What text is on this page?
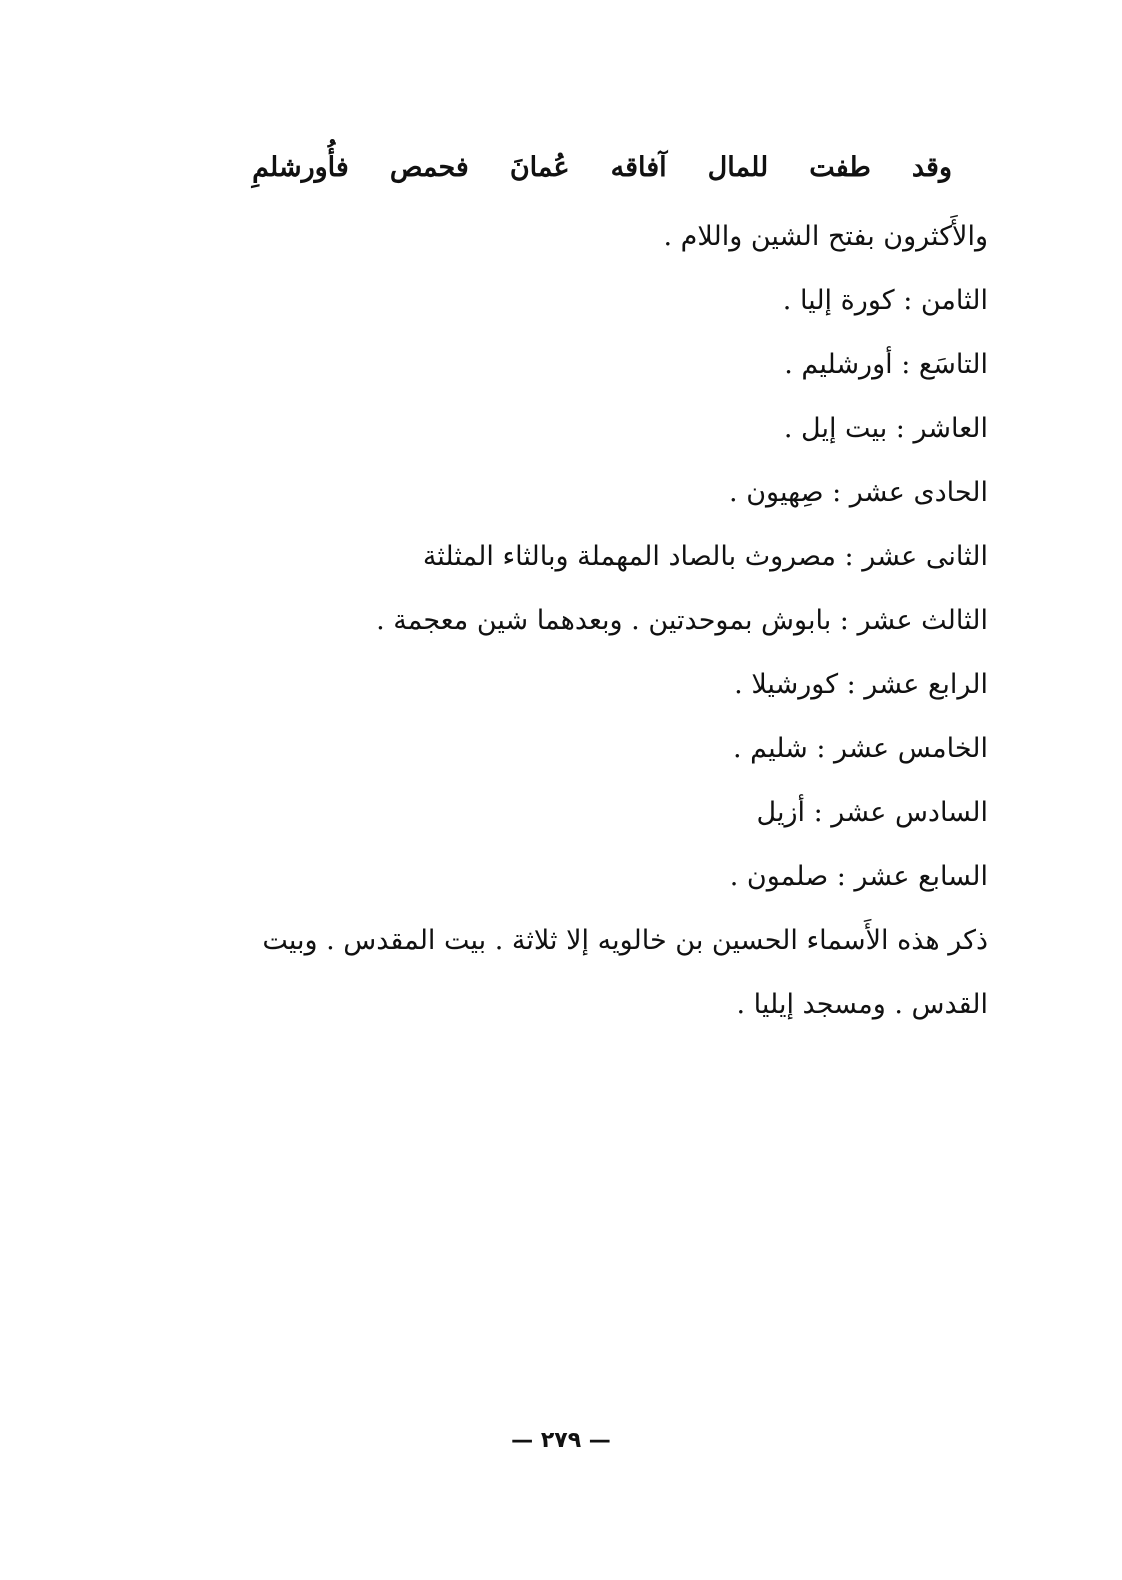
وقد
طفت
للمال
آفاقه
عُمانَ
فحمص
فأُورشلمِ
والأَكثرون بفتح الشين واللام .
الثامن : كورة إليا .
التاسَع : أورشليم .
العاشر : بيت إيل .
الحادى عشر : صِهيون .
الثانى عشر : مصروث بالصاد المهملة وبالثاء المثلثة
الثالث عشر : بابوش بموحدتين . وبعدهما شين معجمة .
الرابع عشر : كورشيلا .
الخامس عشر : شليم .
السادس عشر : أزيل
السابع عشر : صلمون .
ذكر هذه الأَسماء الحسين بن خالويه إلا ثلاثة . بيت المقدس . وبيت
القدس . ومسجد إيليا .
— ٢٧٩ —
